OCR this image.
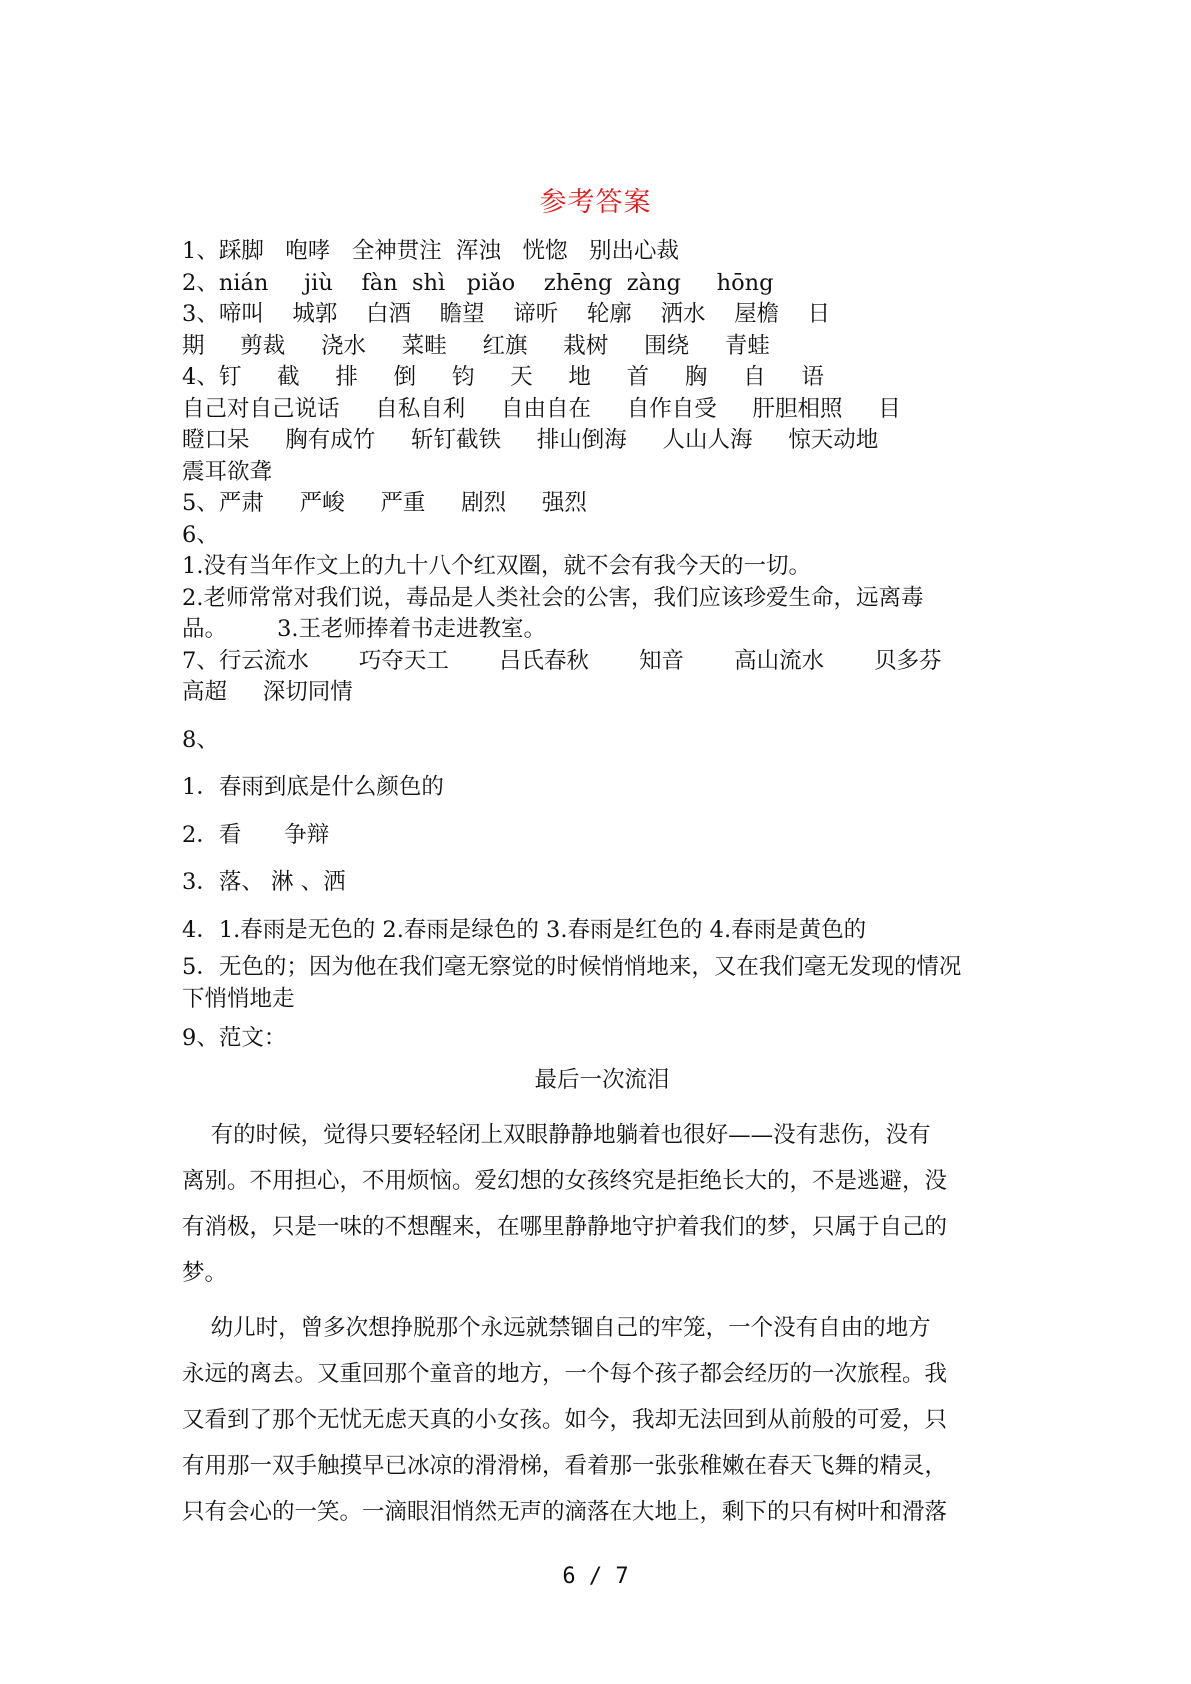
参考答案
1、踩脚   咆哮   全神贯注  浑浊   恍惚   别出心裁
2、nián     jiù    fàn  shì   piǎo    zhēng  zàng     hōng
3、啼叫    城郭    白酒    瞻望    谛听    轮廓    洒水    屋檐    日
期     剪裁     浇水     菜畦     红旗     栽树     围绕     青蛙
4、钉     截     排     倒     钧     天     地     首     胸     自     语
自己对自己说话     自私自利     自由自在     自作自受     肝胆相照     目
瞪口呆     胸有成竹     斩钉截铁     排山倒海     人山人海     惊天动地
震耳欲聋
5、严肃     严峻     严重     剧烈     强烈
6、
1.没有当年作文上的九十八个红双圈，就不会有我今天的一切。
2.老师常常对我们说，毒品是人类社会的公害，我们应该珍爱生命，远离毒
品。       3.王老师捧着书走进教室。
7、行云流水       巧夺天工       吕氏春秋       知音       高山流水       贝多芬
高超     深切同情
8、
1．春雨到底是什么颜色的
2．看      争辩
3．落、 淋 、洒
4．1.春雨是无色的 2.春雨是绿色的 3.春雨是红色的 4.春雨是黄色的
5．无色的；因为他在我们毫无察觉的时候悄悄地来，又在我们毫无发现的情况
下悄悄地走
9、范文：
最后一次流泪
有的时候，觉得只要轻轻闭上双眼静静地躺着也很好——没有悲伤，没有
离别。不用担心，不用烦恼。爱幻想的女孩终究是拒绝长大的，不是逃避，没
有消极，只是一味的不想醒来，在哪里静静地守护着我们的梦，只属于自己的
梦。
幼儿时，曾多次想挣脱那个永远就禁锢自己的牢笼，一个没有自由的地方
永远的离去。又重回那个童音的地方，一个每个孩子都会经历的一次旅程。我
又看到了那个无忧无虑天真的小女孩。如今，我却无法回到从前般的可爱，只
有用那一双手触摸早已冰凉的滑滑梯，看着那一张张稚嫩在春天飞舞的精灵，
只有会心的一笑。一滴眼泪悄然无声的滴落在大地上，剩下的只有树叶和滑落
6 / 7
